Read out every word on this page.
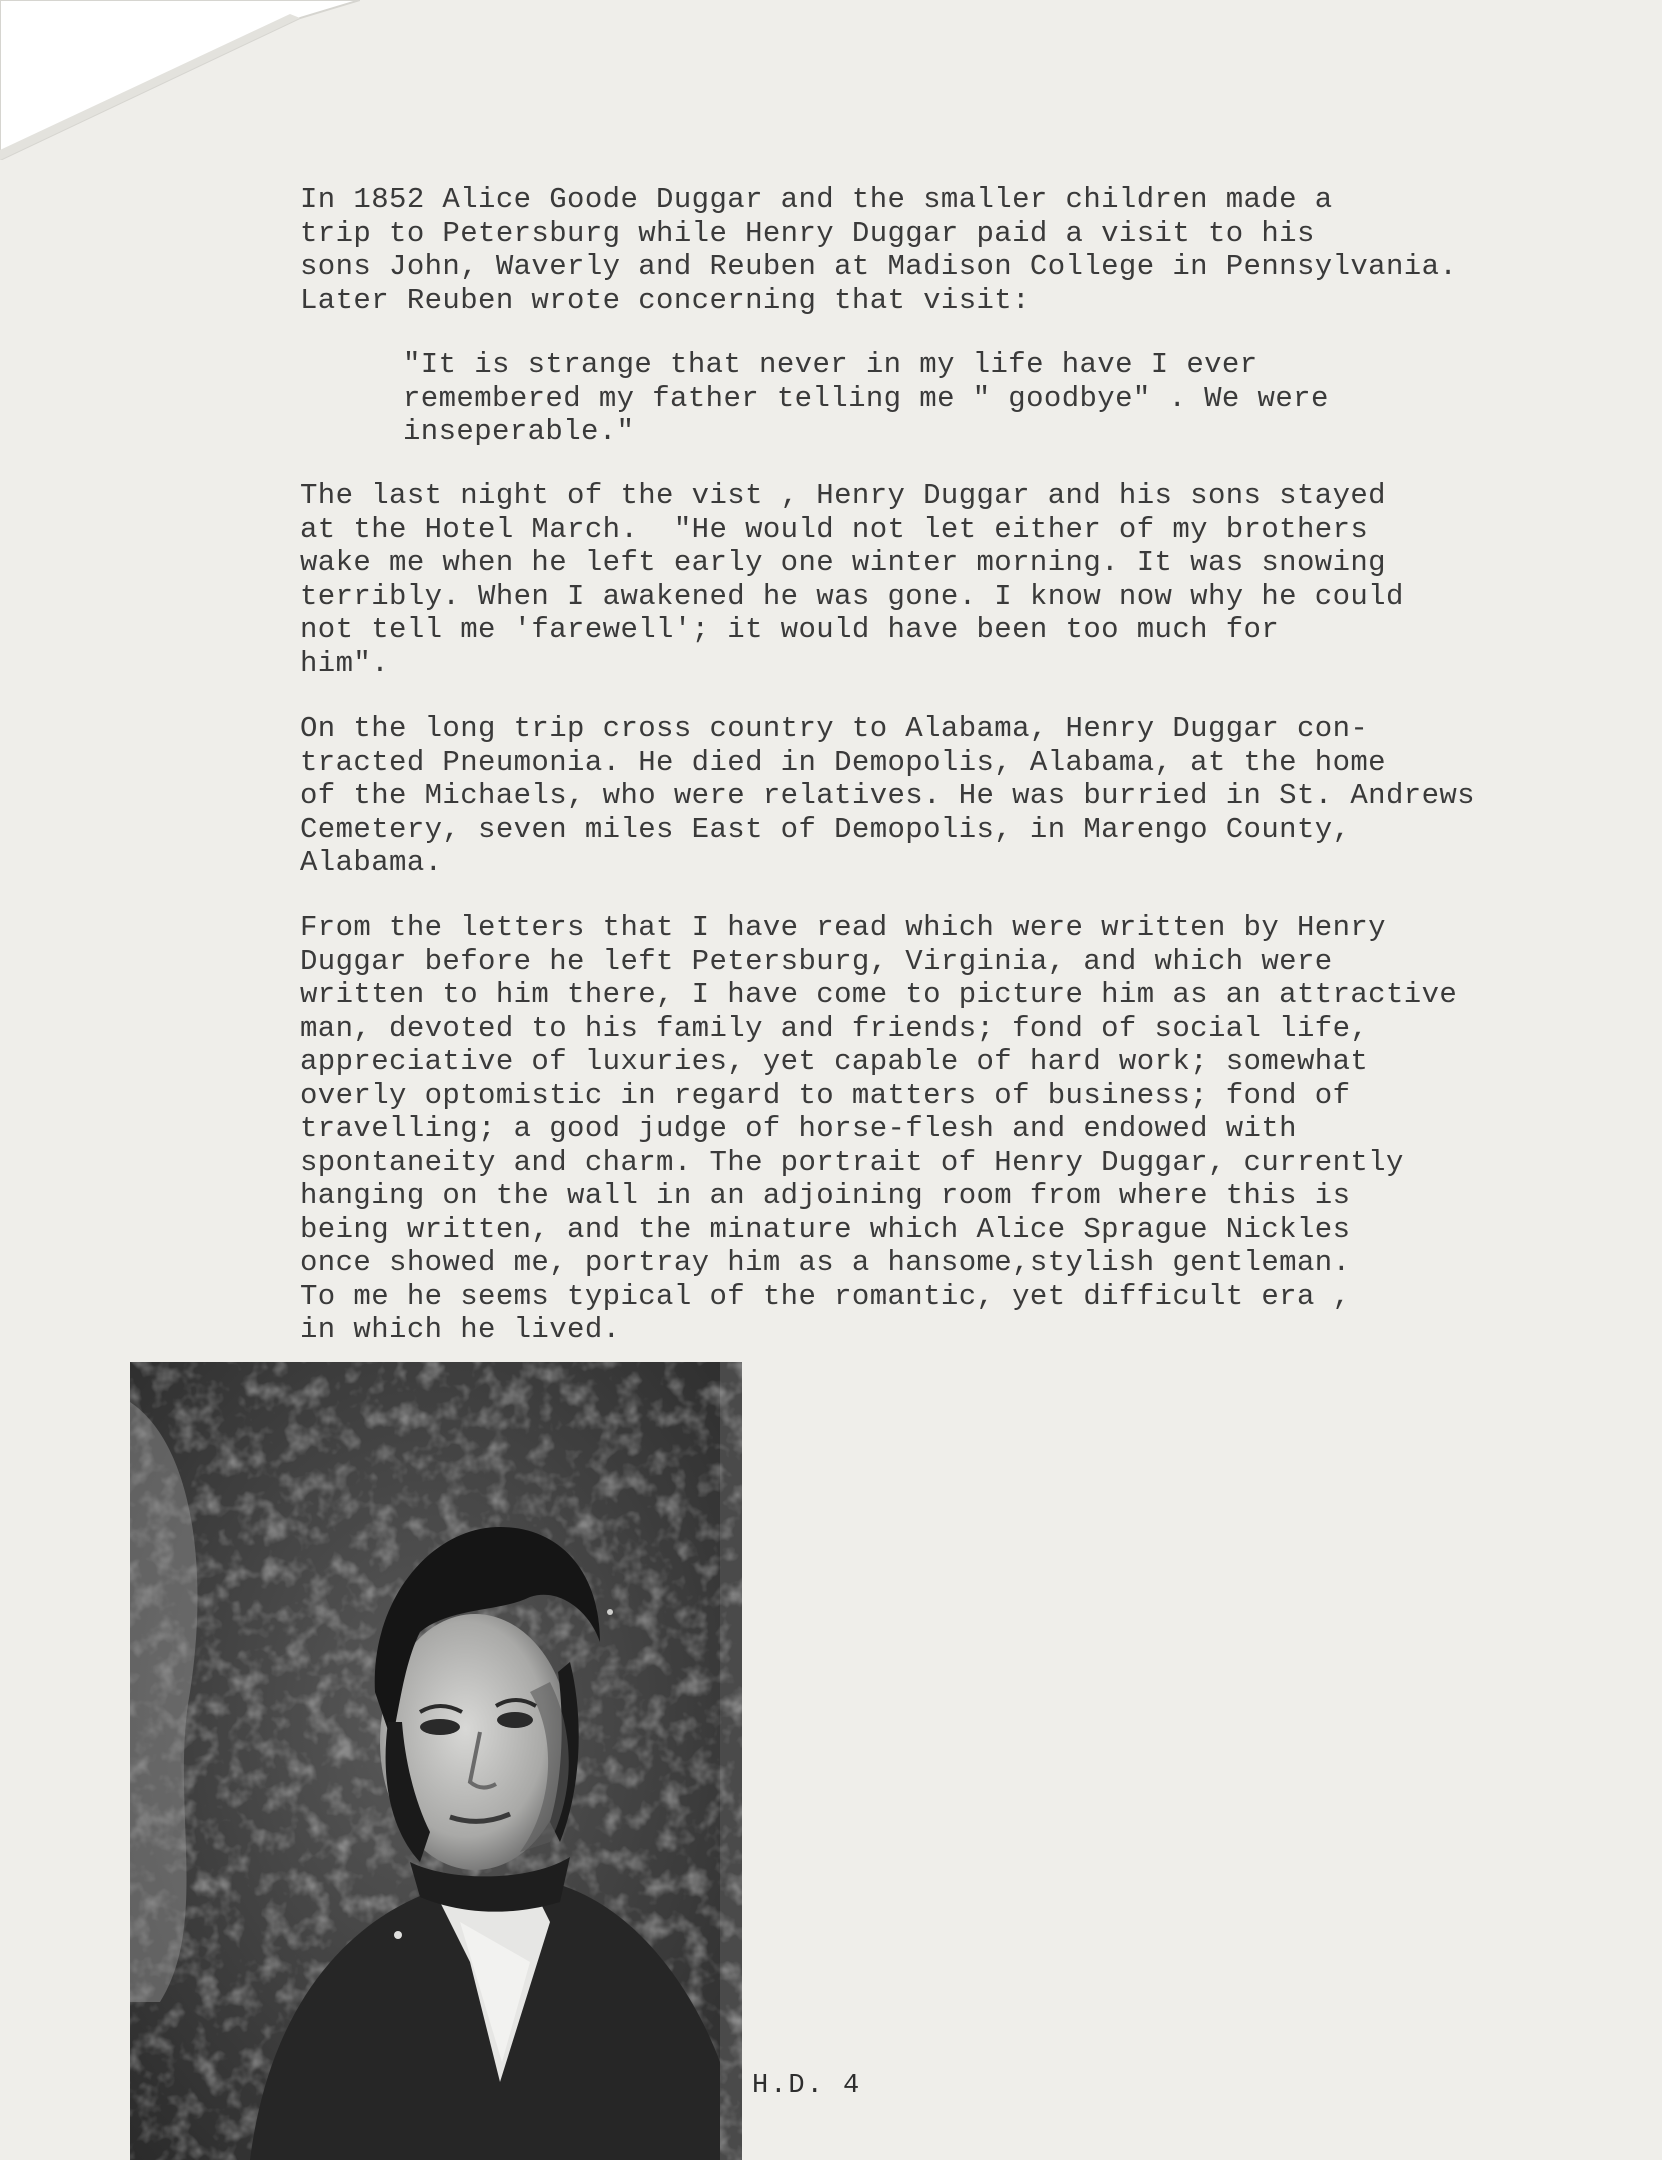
In 1852 Alice Goode Duggar and the smaller children made a
trip to Petersburg while Henry Duggar paid a visit to his
sons John, Waverly and Reuben at Madison College in Pennsylvania.
Later Reuben wrote concerning that visit:
"It is strange that never in my life have I ever
remembered my father telling me " goodbye" . We were
inseperable."
The last night of the vist , Henry Duggar and his sons stayed
at the Hotel March.  "He would not let either of my brothers
wake me when he left early one winter morning. It was snowing
terribly. When I awakened he was gone. I know now why he could
not tell me 'farewell'; it would have been too much for
him".
On the long trip cross country to Alabama, Henry Duggar con-
tracted Pneumonia. He died in Demopolis, Alabama, at the home
of the Michaels, who were relatives. He was burried in St. Andrews
Cemetery, seven miles East of Demopolis, in Marengo County,
Alabama.
From the letters that I have read which were written by Henry
Duggar before he left Petersburg, Virginia, and which were
written to him there, I have come to picture him as an attractive
man, devoted to his family and friends; fond of social life,
appreciative of luxuries, yet capable of hard work; somewhat
overly optomistic in regard to matters of business; fond of
travelling; a good judge of horse-flesh and endowed with
spontaneity and charm. The portrait of Henry Duggar, currently
hanging on the wall in an adjoining room from where this is
being written, and the minature which Alice Sprague Nickles
once showed me, portray him as a hansome,stylish gentleman.
To me he seems typical of the romantic, yet difficult era ,
in which he lived.
H.D. 4
